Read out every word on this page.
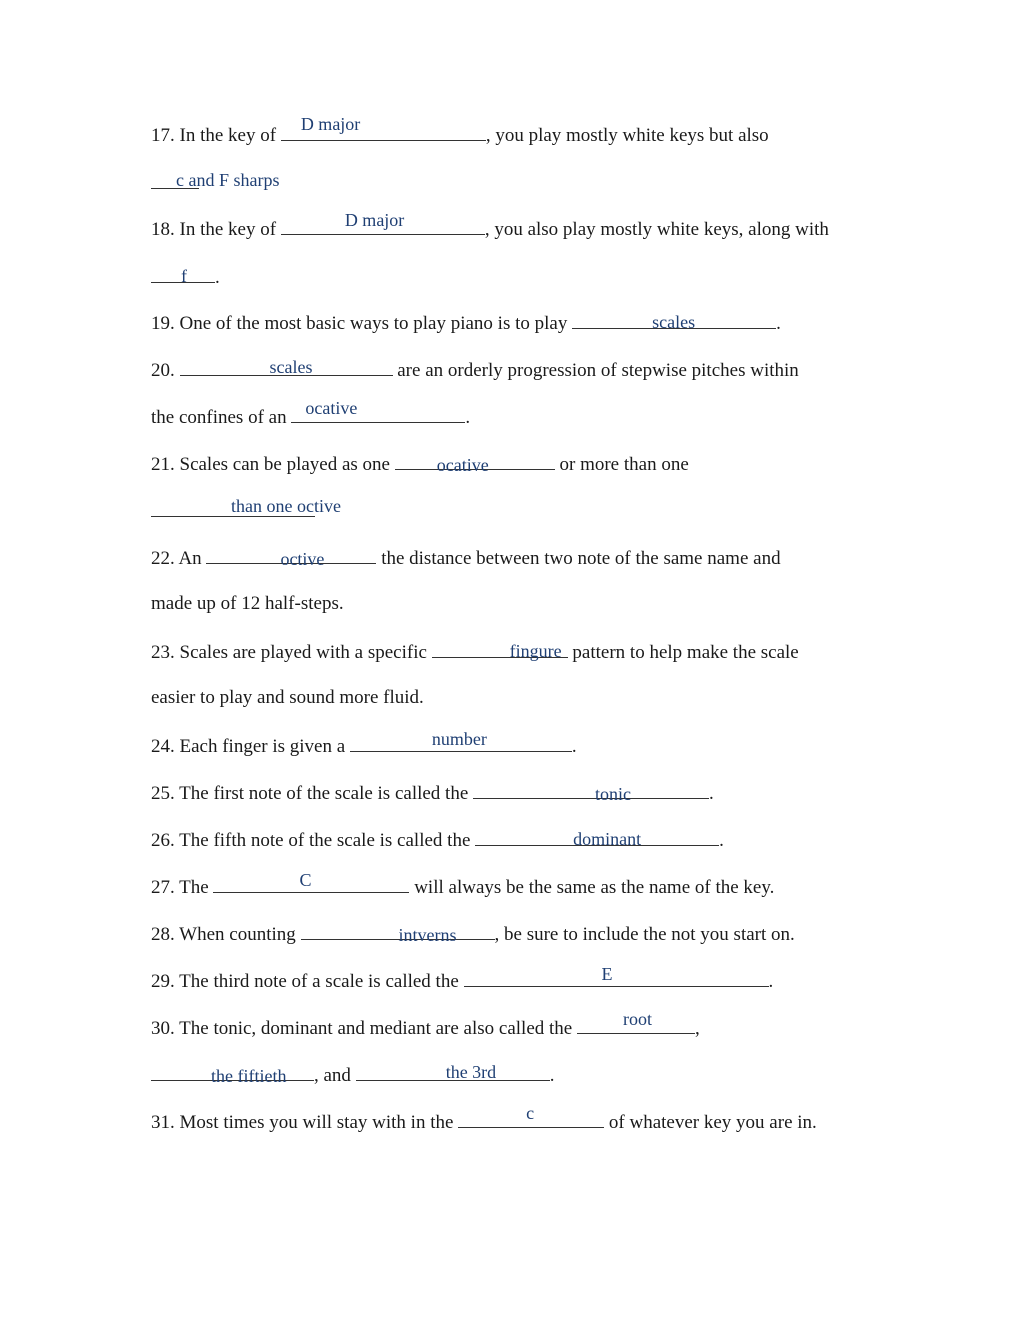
17. In the key of
D major
, you play mostly white keys but also
c and F sharps
18. In the key of	D major	, you also play mostly white keys, along with
f .
19. One of the most basic ways to play piano is to play	scales	.
20.	scales	are an orderly progression of stepwise pitches within
the confines of an ocative	.
21. Scales can be played as one ocative	or more than one
than one octive
22. An	octive	the distance between two note of the same name and
made up of 12 half-steps.
23. Scales are played with a specific	fingure pattern to help make the scale
easier to play and sound more fluid.
24. Each finger is given a	number	.
25. The first note of the scale is called the	tonic	.
26. The fifth note of the scale is called the	dominant	.
27. The	C	will always be the same as the name of the key.
28. When counting	intverns , be sure to include the not you start on.
29. The third note of a scale is called the	E	.
30. The tonic, dominant and mediant are also called the	root ,
the fiftieth , and	the 3rd	.
31. Most times you will stay with in the	c	of whatever key you are in.
